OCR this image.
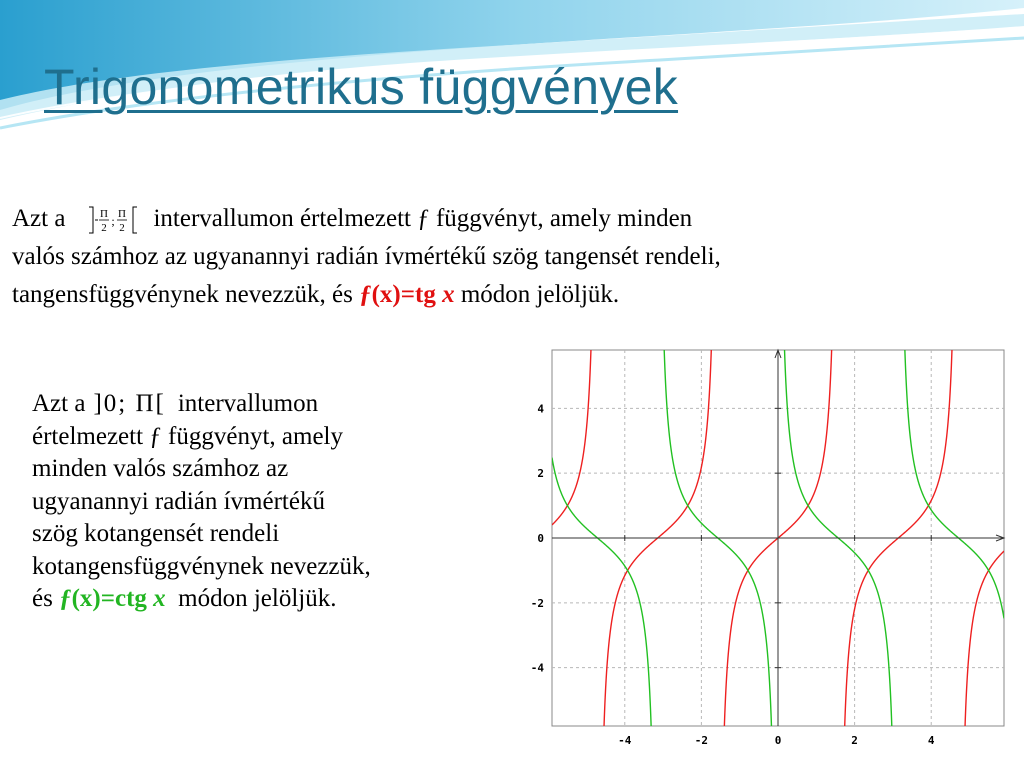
Trigonometrikus függvények

Azt a	Π
2 ; Π
2 intervallumon értelmezett ƒ függvényt, amely minden
valós számhoz az ugyanannyi radián ívmértékű szög tangensét rendeli,
tangensfüggvénynek nevezzük, és ƒ(x)=tg x módon jelöljük.

Azt a ]0; Π[ intervallumon
értelmezett ƒ függvényt, amely
minden valós számhoz az
ugyanannyi radián ívmértékű
szög kotangensét rendeli
kotangensfüggvénynek nevezzük,
és ƒ(x)=ctg x módon jelöljük.

-4	-2	0	2	4
4
2
0
-2
-4
